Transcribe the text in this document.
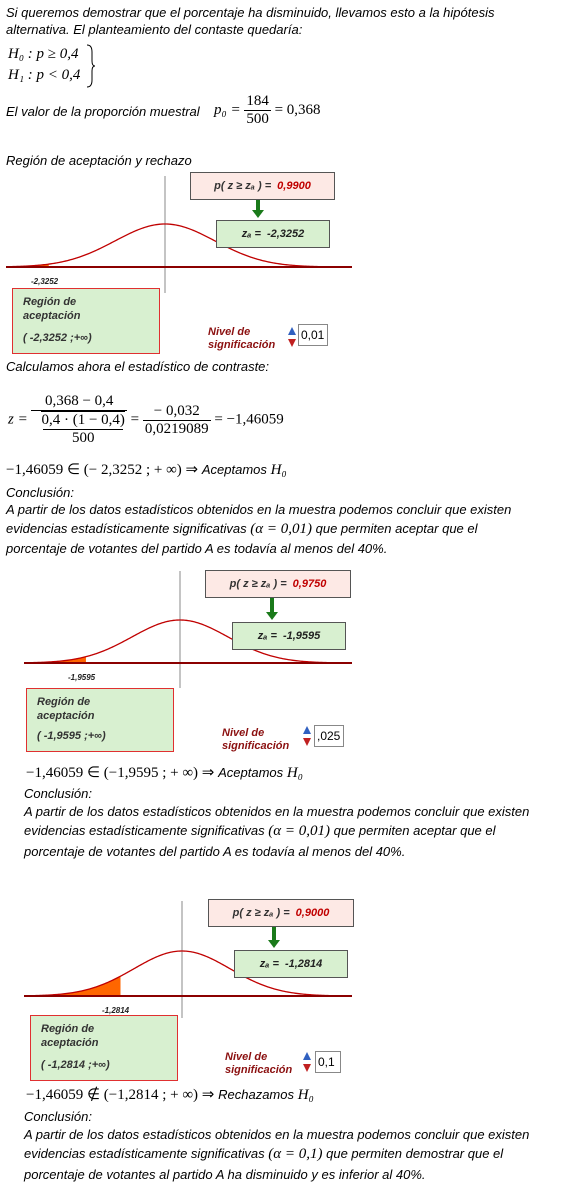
Si queremos demostrar que el porcentaje ha disminuido, llevamos esto a la hipótesis
alternativa. El planteamiento del contaste quedaría:
H₀ : p ≥ 0,4
H₁ : p < 0,4
El valor de la proporción muestral $p_0 = \frac{184}{500} = 0,368$
Región de aceptación y rechazo
-2,3252
p( z ≥ zₐ ) = 0,9900
zₐ = -2,3252
Región de aceptación
( -2,3252 ;+∞)	Nivel de significación
0,01
-1,9595
p( z ≥ zₐ ) = 0,9750
zₐ = -1,9595
Región de aceptación
( -1,9595 ;+∞)	Nivel de significación
,025
-1,2814
p( z ≥ zₐ ) = 0,9000
zₐ = -1,2814
Región de aceptación
( -1,2814 ;+∞)
Nivel de significación
0,1
Calculamos ahora el estadístico de contraste:
z =
0,368 − 0,4
0,4 · (1 − 0,4)
500
= $\frac{- 0,032}{0,0219089} = -1,46059$
−1,46059 ∈ (− 2,3252 ; + ∞) ⇒ Aceptamos H₀
Conclusión:
A partir de los datos estadísticos obtenidos en la muestra podemos concluir que existen
evidencias estadísticamente significativas (α = 0,01) que permiten aceptar que el
porcentaje de votantes del partido A es todavía al menos del 40%.
−1,46059 ∈ (−1,9595 ; + ∞) ⇒ Aceptamos H₀
Conclusión:
A partir de los datos estadísticos obtenidos en la muestra podemos concluir que existen
evidencias estadísticamente significativas (α = 0,01) que permiten aceptar que el
porcentaje de votantes del partido A es todavía al menos del 40%.
−1,46059 ∉ (−1,2814 ; + ∞) ⇒ Rechazamos H₀
Conclusión:
A partir de los datos estadísticos obtenidos en la muestra podemos concluir que existen
evidencias estadísticamente significativas (α = 0,1) que permiten demostrar que el
porcentaje de votantes al partido A ha disminuido y es inferior al 40%.
